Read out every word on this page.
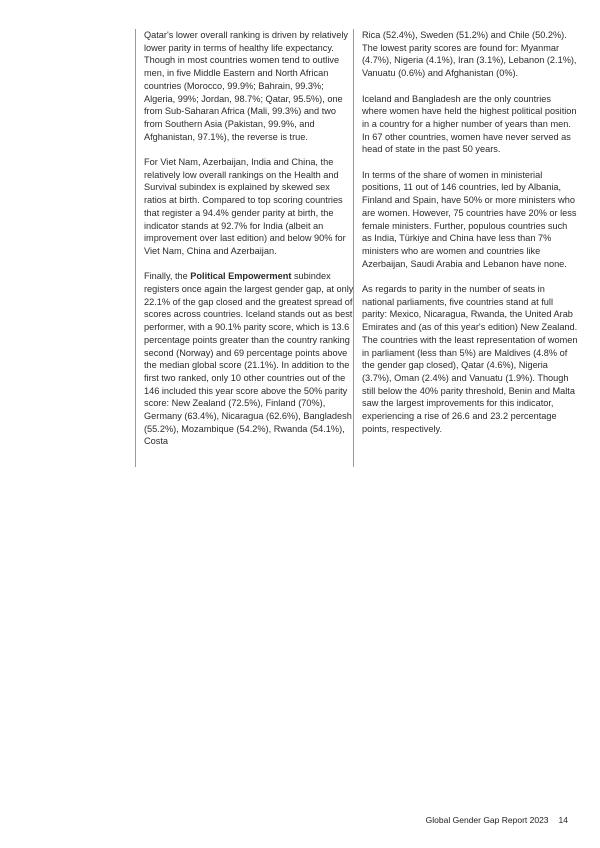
Qatar's lower overall ranking is driven by relatively lower parity in terms of healthy life expectancy. Though in most countries women tend to outlive men, in five Middle Eastern and North African countries (Morocco, 99.9%; Bahrain, 99.3%; Algeria, 99%; Jordan, 98.7%; Qatar, 95.5%), one from Sub-Saharan Africa (Mali, 99.3%) and two from Southern Asia (Pakistan, 99.9%, and Afghanistan, 97.1%), the reverse is true.

For Viet Nam, Azerbaijan, India and China, the relatively low overall rankings on the Health and Survival subindex is explained by skewed sex ratios at birth. Compared to top scoring countries that register a 94.4% gender parity at birth, the indicator stands at 92.7% for India (albeit an improvement over last edition) and below 90% for Viet Nam, China and Azerbaijan.

Finally, the Political Empowerment subindex registers once again the largest gender gap, at only 22.1% of the gap closed and the greatest spread of scores across countries. Iceland stands out as best performer, with a 90.1% parity score, which is 13.6 percentage points greater than the country ranking second (Norway) and 69 percentage points above the median global score (21.1%). In addition to the first two ranked, only 10 other countries out of the 146 included this year score above the 50% parity score: New Zealand (72.5%), Finland (70%), Germany (63.4%), Nicaragua (62.6%), Bangladesh (55.2%), Mozambique (54.2%), Rwanda (54.1%), Costa

Rica (52.4%), Sweden (51.2%) and Chile (50.2%). The lowest parity scores are found for: Myanmar (4.7%), Nigeria (4.1%), Iran (3.1%), Lebanon (2.1%), Vanuatu (0.6%) and Afghanistan (0%).

Iceland and Bangladesh are the only countries where women have held the highest political position in a country for a higher number of years than men. In 67 other countries, women have never served as head of state in the past 50 years.

In terms of the share of women in ministerial positions, 11 out of 146 countries, led by Albania, Finland and Spain, have 50% or more ministers who are women. However, 75 countries have 20% or less female ministers. Further, populous countries such as India, Türkiye and China have less than 7% ministers who are women and countries like Azerbaijan, Saudi Arabia and Lebanon have none.

As regards to parity in the number of seats in national parliaments, five countries stand at full parity: Mexico, Nicaragua, Rwanda, the United Arab Emirates and (as of this year's edition) New Zealand. The countries with the least representation of women in parliament (less than 5%) are Maldives (4.8% of the gender gap closed), Qatar (4.6%), Nigeria (3.7%), Oman (2.4%) and Vanuatu (1.9%). Though still below the 40% parity threshold, Benin and Malta saw the largest improvements for this indicator, experiencing a rise of 26.6 and 23.2 percentage points, respectively.

Global Gender Gap Report 2023 14
